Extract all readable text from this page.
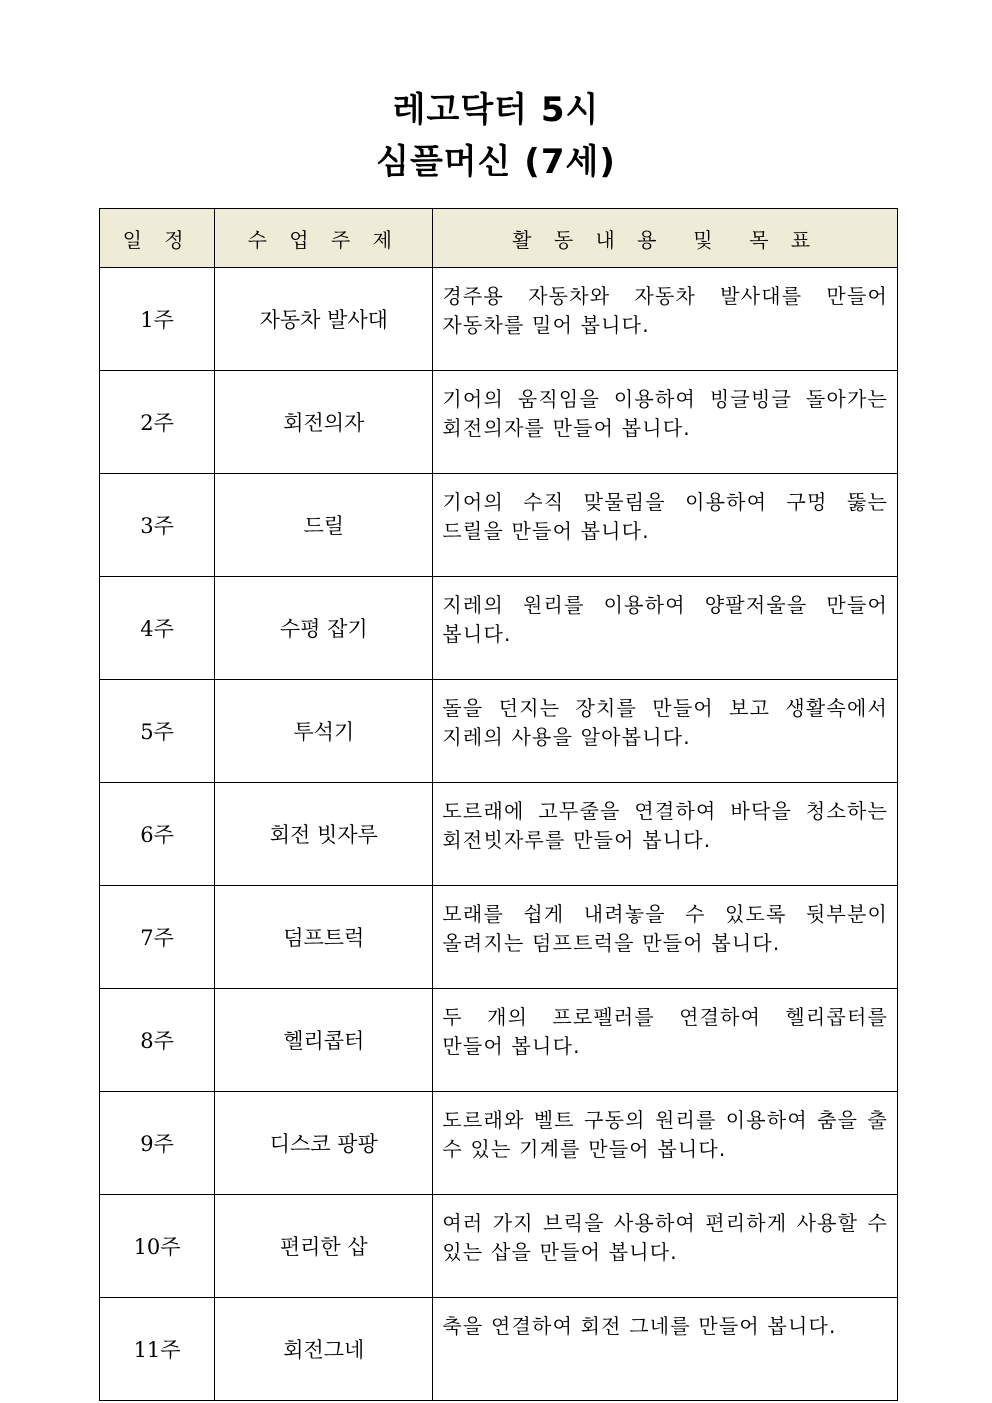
레고닥터 5시
심플머신 (7세)
일 정	수 업 주 제	활 동 내 용  및  목 표
1주	자동차 발사대	경주용 자동차와 자동차 발사대를 만들어 자동차를 밀어 봅니다.
2주	회전의자	기어의 움직임을 이용하여 빙글빙글 돌아가는 회전의자를 만들어 봅니다.
3주	드릴	기어의 수직 맞물림을 이용하여 구멍 뚫는 드릴을 만들어 봅니다.
4주	수평 잡기	지레의 원리를 이용하여 양팔저울을 만들어 봅니다.
5주	투석기	돌을 던지는 장치를 만들어 보고 생활속에서 지레의 사용을 알아봅니다.
6주	회전 빗자루	도르래에 고무줄을 연결하여 바닥을 청소하는 회전빗자루를 만들어 봅니다.
7주	덤프트럭	모래를 쉽게 내려놓을 수 있도록 뒷부분이 올려지는 덤프트럭을 만들어 봅니다.
8주	헬리콥터	두 개의 프로펠러를 연결하여 헬리콥터를 만들어 봅니다.
9주	디스코 팡팡	도르래와 벨트 구동의 원리를 이용하여 춤을 출 수 있는 기계를 만들어 봅니다.
10주	편리한 삽	여러 가지 브릭을 사용하여 편리하게 사용할 수 있는 삽을 만들어 봅니다.
11주	회전그네	축을 연결하여 회전 그네를 만들어 봅니다.
